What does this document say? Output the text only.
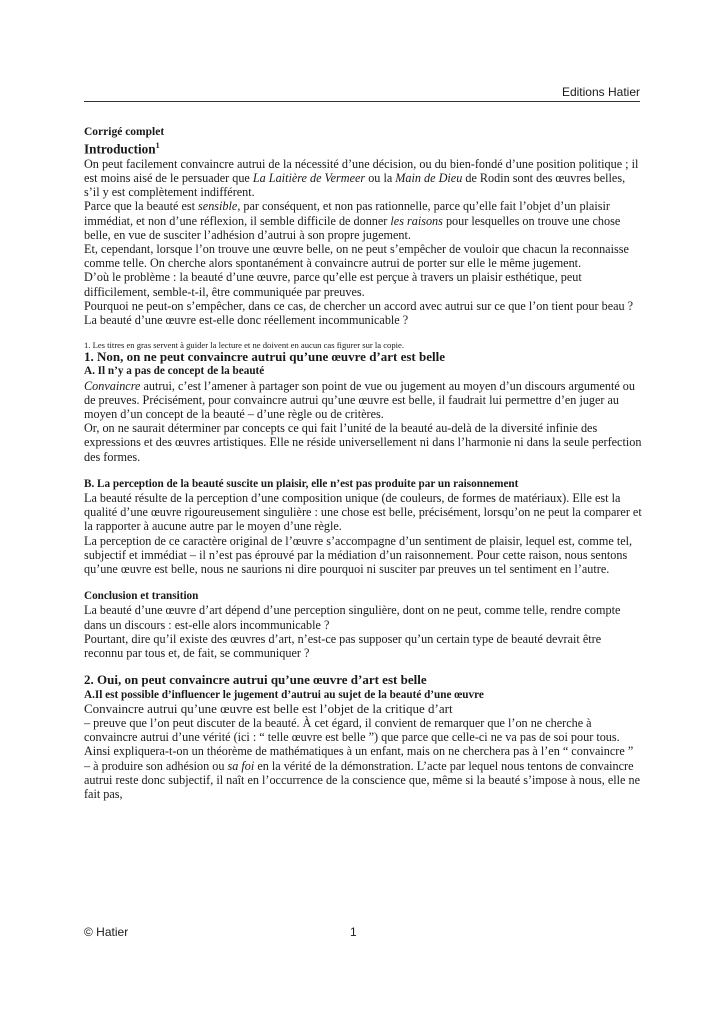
Editions Hatier

Corrigé complet

Introduction$^1$

On peut facilement convaincre autrui de la nécessité d’une décision, ou du bien-fondé d’une position politique ; il est moins aisé de le persuader que La Laitière de Vermeer ou la Main de Dieu de Rodin sont des œuvres belles, s’il y est complètement indifférent.

Parce que la beauté est sensible, par conséquent, et non pas rationnelle, parce qu’elle fait l’objet d’un plaisir immédiat, et non d’une réflexion, il semble difficile de donner les raisons pour lesquelles on trouve une chose belle, en vue de susciter l’adhésion d’autrui à son propre jugement.

Et, cependant, lorsque l’on trouve une œuvre belle, on ne peut s’empêcher de vouloir que chacun la reconnaisse comme telle. On cherche alors spontanément à convaincre autrui de porter sur elle le même jugement.

D’où le problème : la beauté d’une œuvre, parce qu’elle est perçue à travers un plaisir esthétique, peut difficilement, semble-t-il, être communiquée par preuves.

Pourquoi ne peut-on s’empêcher, dans ce cas, de chercher un accord avec autrui sur ce que l’on tient pour beau ? La beauté d’une œuvre est-elle donc réellement incommunicable ?

1. Les titres en gras servent à guider la lecture et ne doivent en aucun cas figurer sur la copie.

1. Non, on ne peut convaincre autrui qu’une œuvre d’art est belle

A. Il n’y a pas de concept de la beauté

Convaincre autrui, c’est l’amener à partager son point de vue ou jugement au moyen d’un discours argumenté ou de preuves. Précisément, pour convaincre autrui qu’une œuvre est belle, il faudrait lui permettre d’en juger au moyen d’un concept de la beauté – d’une règle ou de critères.

Or, on ne saurait déterminer par concepts ce qui fait l’unité de la beauté au-delà de la diversité infinie des expressions et des œuvres artistiques. Elle ne réside universellement ni dans l’harmonie ni dans la seule perfection des formes.

B. La perception de la beauté suscite un plaisir, elle n’est pas produite par un raisonnement

La beauté résulte de la perception d’une composition unique (de couleurs, de formes de matériaux). Elle est la qualité d’une œuvre rigoureusement singulière : une chose est belle, précisément, lorsqu’on ne peut la comparer et la rapporter à aucune autre par le moyen d’une règle.

La perception de ce caractère original de l’œuvre s’accompagne d’un sentiment de plaisir, lequel est, comme tel, subjectif et immédiat – il n’est pas éprouvé par la médiation d’un raisonnement. Pour cette raison, nous sentons qu’une œuvre est belle, nous ne saurions ni dire pourquoi ni susciter par preuves un tel sentiment en l’autre.

Conclusion et transition

La beauté d’une œuvre d’art dépend d’une perception singulière, dont on ne peut, comme telle, rendre compte dans un discours : est-elle alors incommunicable ?

Pourtant, dire qu’il existe des œuvres d’art, n’est-ce pas supposer qu’un certain type de beauté devrait être reconnu par tous et, de fait, se communiquer ?

2. Oui, on peut convaincre autrui qu’une œuvre d’art est belle

A.Il est possible d’influencer le jugement d’autrui au sujet de la beauté d’une œuvre

Convaincre autrui qu’une œuvre est belle est l’objet de la critique d’art

– preuve que l’on peut discuter de la beauté. À cet égard, il convient de remarquer que l’on ne cherche à convaincre autrui d’une vérité (ici : “ telle œuvre est belle ”) que parce que celle-ci ne va pas de soi pour tous. Ainsi expliquera-t-on un théorème de mathématiques à un enfant, mais on ne cherchera pas à l’en “ convaincre ” – à produire son adhésion ou sa foi en la vérité de la démonstration. L’acte par lequel nous tentons de convaincre autrui reste donc subjectif, il naît en l’occurrence de la conscience que, même si la beauté s’impose à nous, elle ne fait pas,

© Hatier	1
